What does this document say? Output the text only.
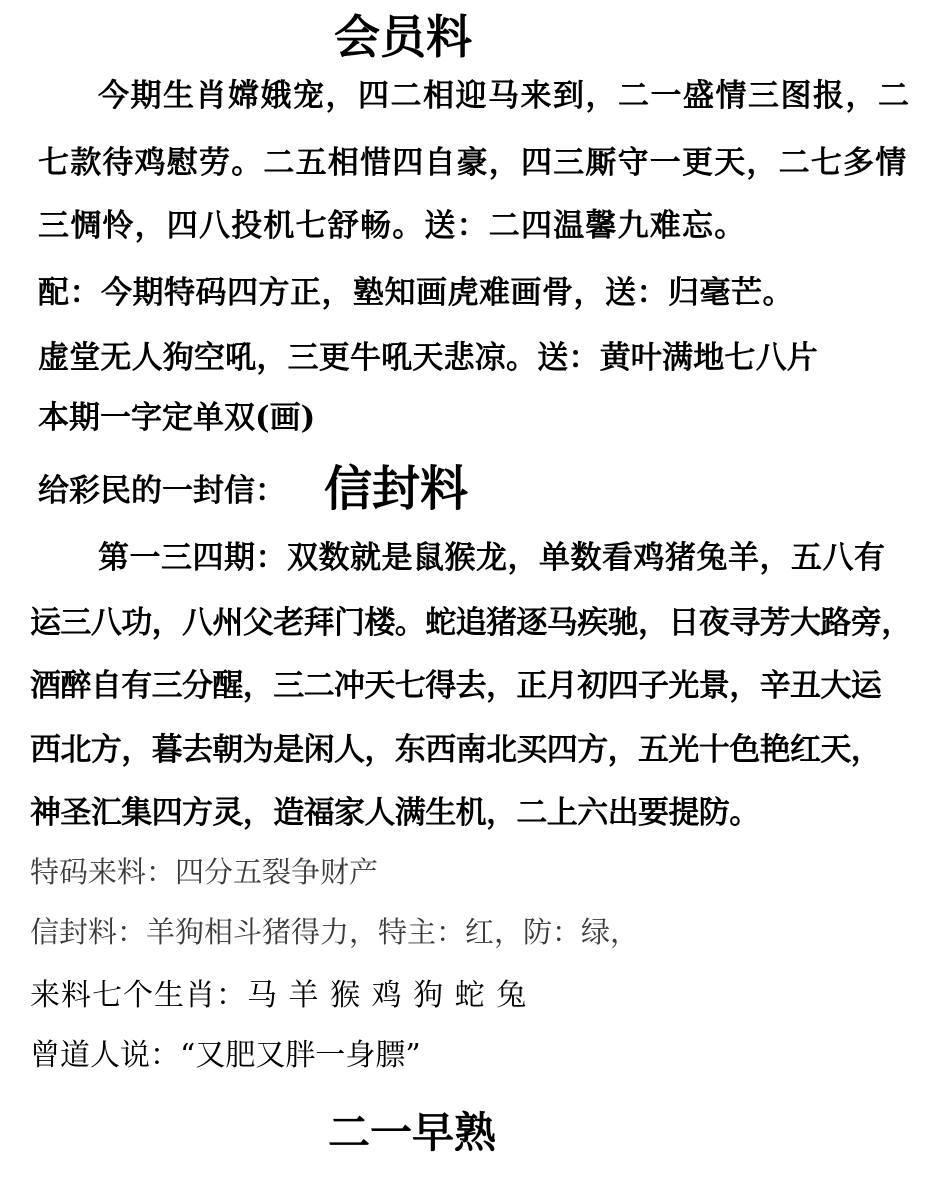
会员料
今期生肖嫦娥宠，四二相迎马来到，二一盛情三图报，二
七款待鸡慰劳。二五相惜四自豪，四三厮守一更天，二七多情
三惆怜，四八投机七舒畅。送：二四温馨九难忘。
配：今期特码四方正，塾知画虎难画骨，送：归毫芒。
虚堂无人狗空吼，三更牛吼天悲凉。送：黄叶满地七八片
本期一字定单双(画)
给彩民的一封信： 信封料
第一三四期：双数就是鼠猴龙，单数看鸡猪兔羊，五八有
运三八功，八州父老拜门楼。蛇追猪逐马疾驰，日夜寻芳大路旁，
酒醉自有三分醒，三二冲天七得去，正月初四子光景，辛丑大运
西北方，暮去朝为是闲人，东西南北买四方，五光十色艳红天，
神圣汇集四方灵，造福家人满生机，二上六出要提防。
特码来料：四分五裂争财产
信封料：羊狗相斗猪得力，特主：红，防：绿，
来料七个生肖：马 羊 猴 鸡 狗 蛇 兔
曾道人说：“又肥又胖一身膘”
二一早熟
